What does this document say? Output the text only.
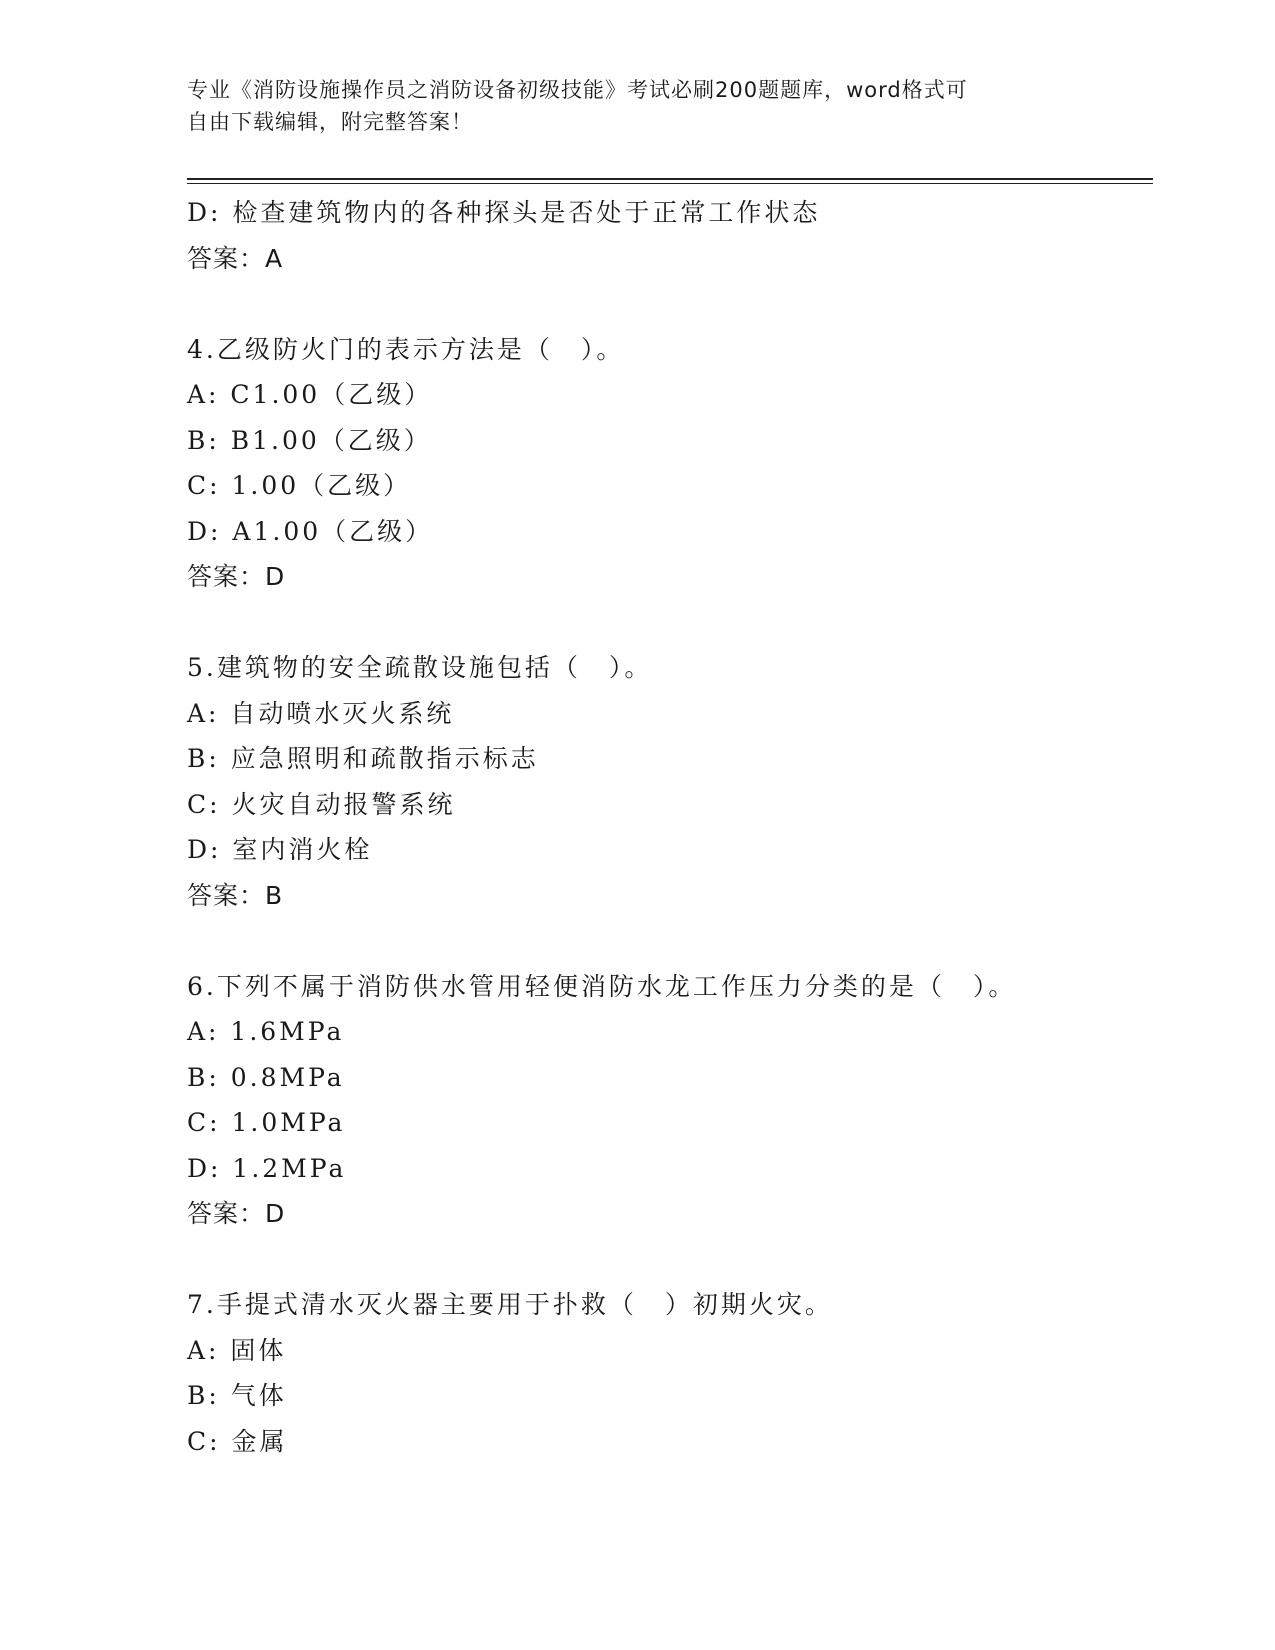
专业《消防设施操作员之消防设备初级技能》考试必刷200题题库，word格式可
自由下载编辑，附完整答案！
D: 检查建筑物内的各种探头是否处于正常工作状态
答案：A
4.乙级防火门的表示方法是（　）。
A: C1.00（乙级）
B: B1.00（乙级）
C: 1.00（乙级）
D: A1.00（乙级）
答案：D
5.建筑物的安全疏散设施包括（　）。
A: 自动喷水灭火系统
B: 应急照明和疏散指示标志
C: 火灾自动报警系统
D: 室内消火栓
答案：B
6.下列不属于消防供水管用轻便消防水龙工作压力分类的是（　）。
A: 1.6MPa
B: 0.8MPa
C: 1.0MPa
D: 1.2MPa
答案：D
7.手提式清水灭火器主要用于扑救（　）初期火灾。
A: 固体
B: 气体
C: 金属
